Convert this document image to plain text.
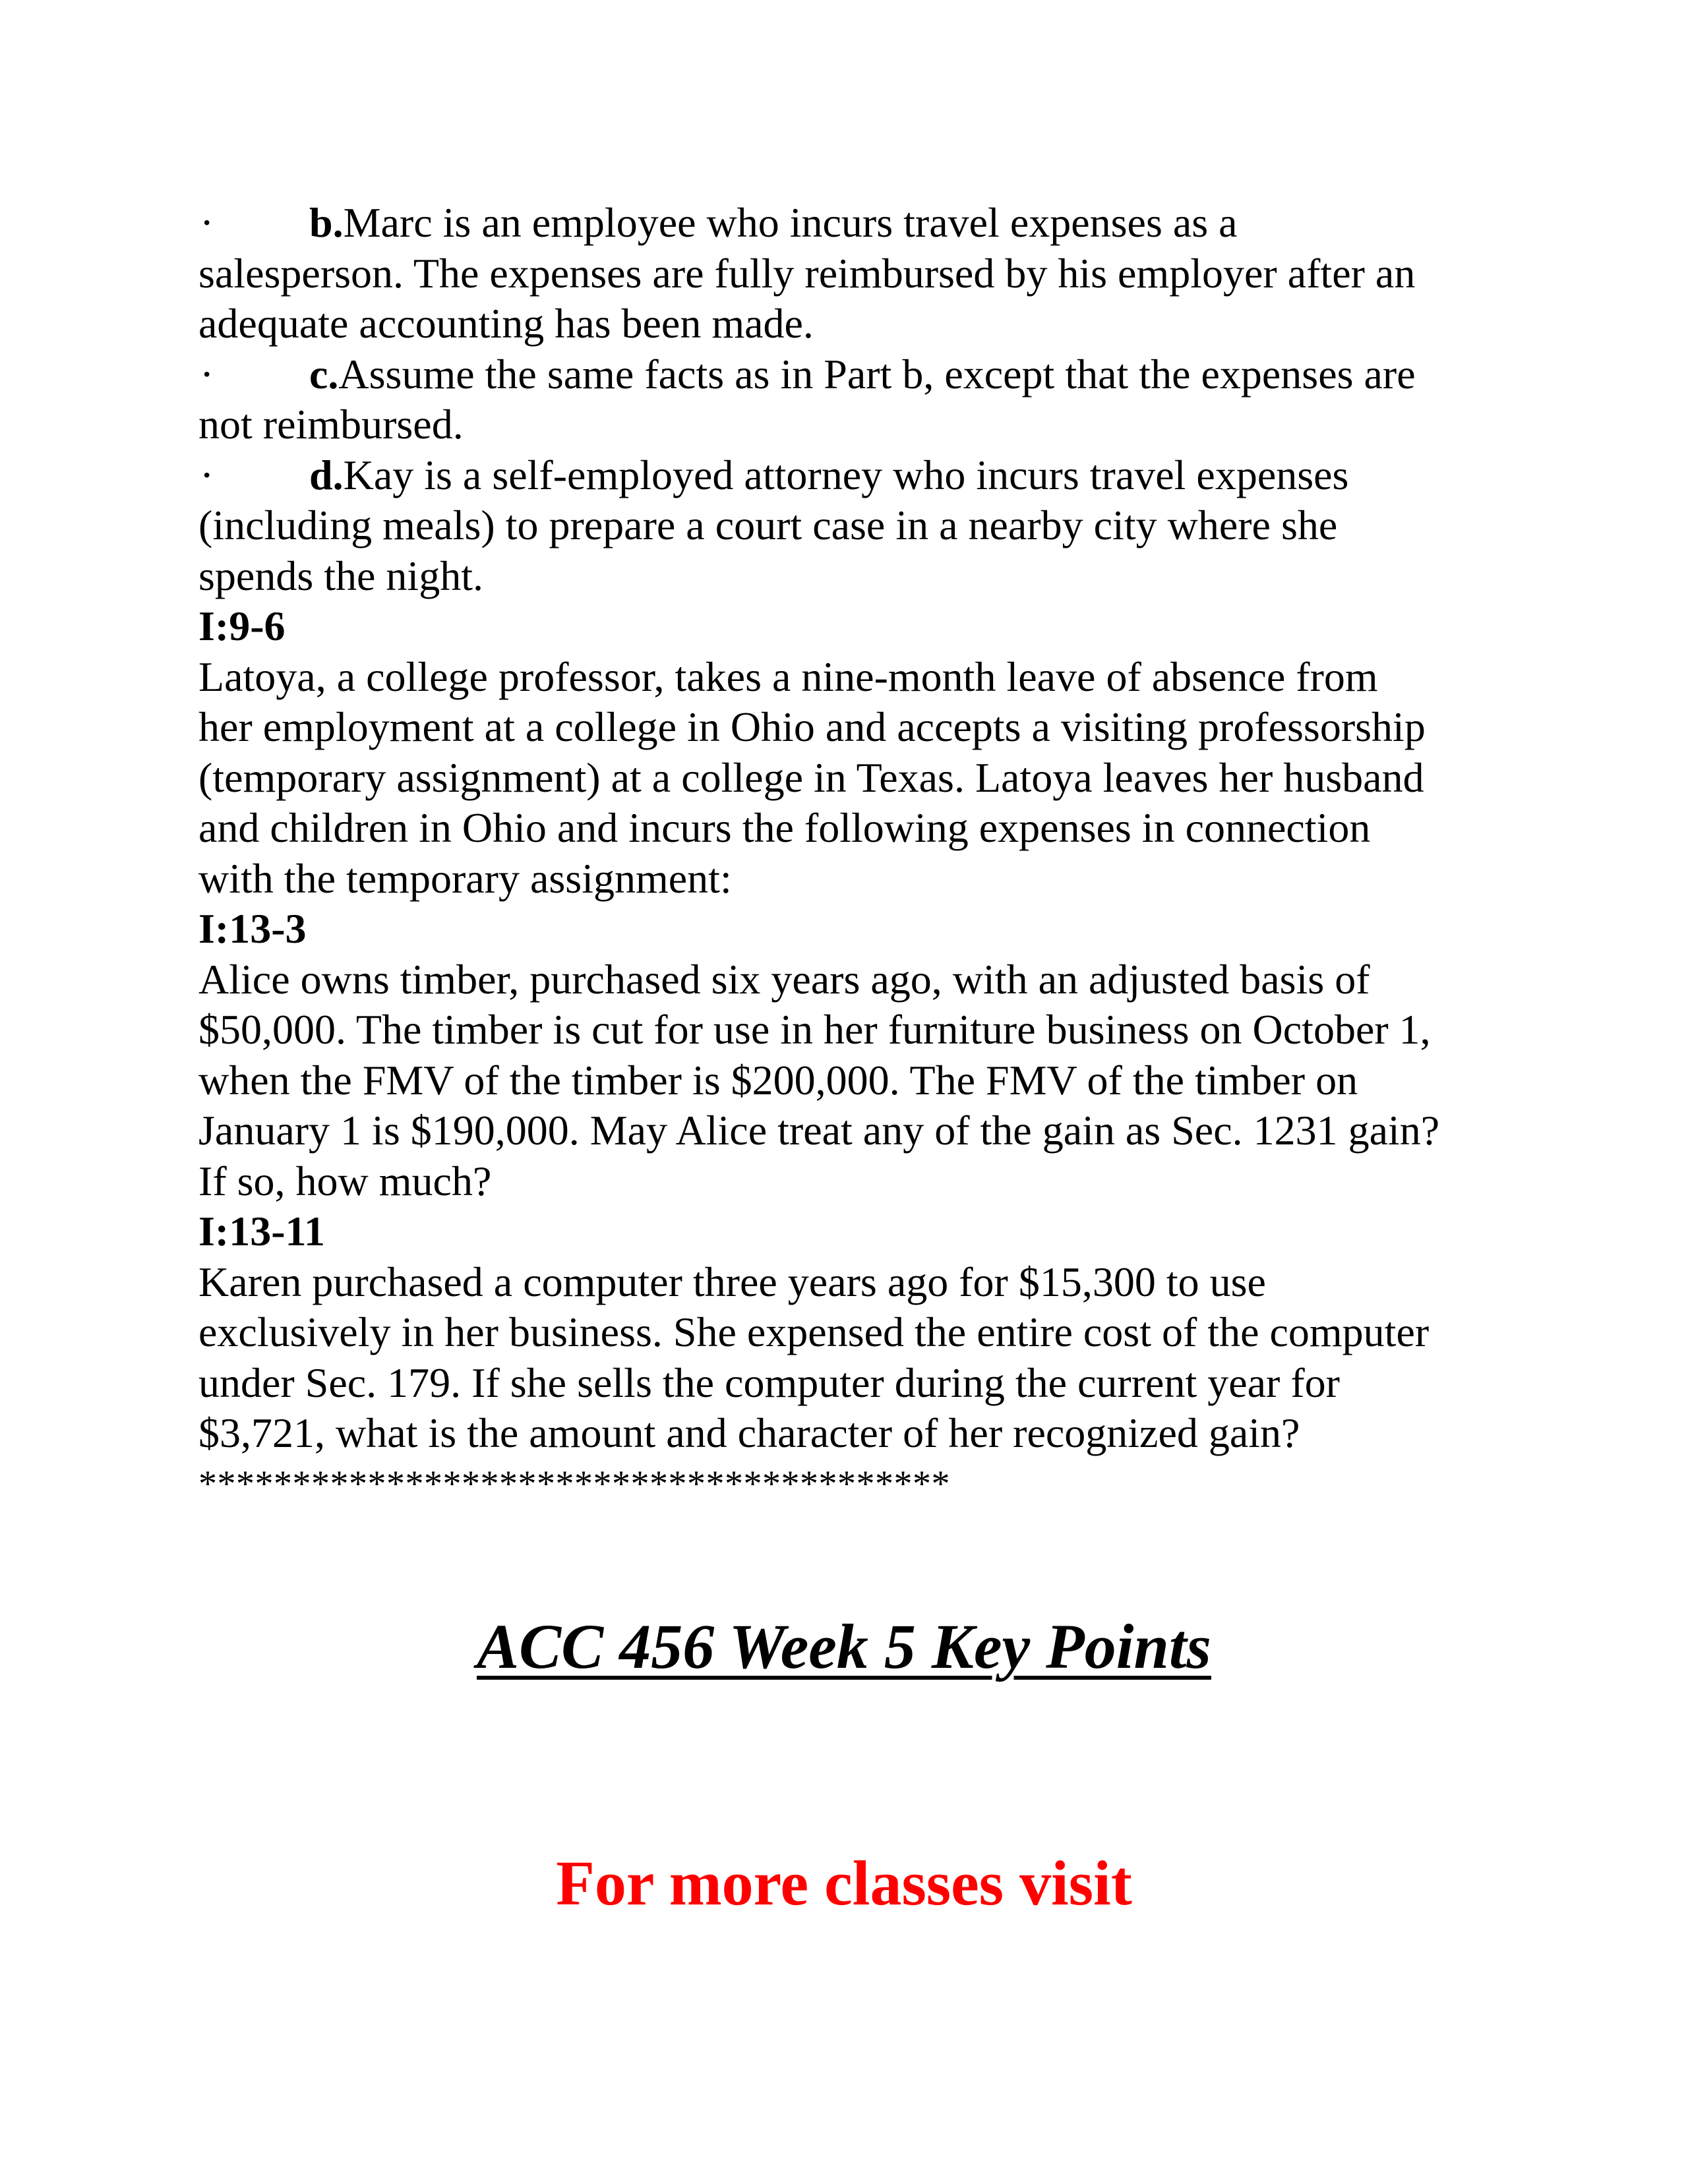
· b.Marc is an employee who incurs travel expenses as a
salesperson. The expenses are fully reimbursed by his employer after an
adequate accounting has been made.
· c.Assume the same facts as in Part b, except that the expenses are
not reimbursed.
· d.Kay is a self-employed attorney who incurs travel expenses
(including meals) to prepare a court case in a nearby city where she
spends the night.
I:9-6
Latoya, a college professor, takes a nine-month leave of absence from
her employment at a college in Ohio and accepts a visiting professorship
(temporary assignment) at a college in Texas. Latoya leaves her husband
and children in Ohio and incurs the following expenses in connection
with the temporary assignment:
I:13-3
Alice owns timber, purchased six years ago, with an adjusted basis of
$50,000. The timber is cut for use in her furniture business on October 1,
when the FMV of the timber is $200,000. The FMV of the timber on
January 1 is $190,000. May Alice treat any of the gain as Sec. 1231 gain?
If so, how much?
I:13-11
Karen purchased a computer three years ago for $15,300 to use
exclusively in her business. She expensed the entire cost of the computer
under Sec. 179. If she sells the computer during the current year for
$3,721, what is the amount and character of her recognized gain?
****************************************
ACC 456 Week 5 Key Points
For more classes visit
